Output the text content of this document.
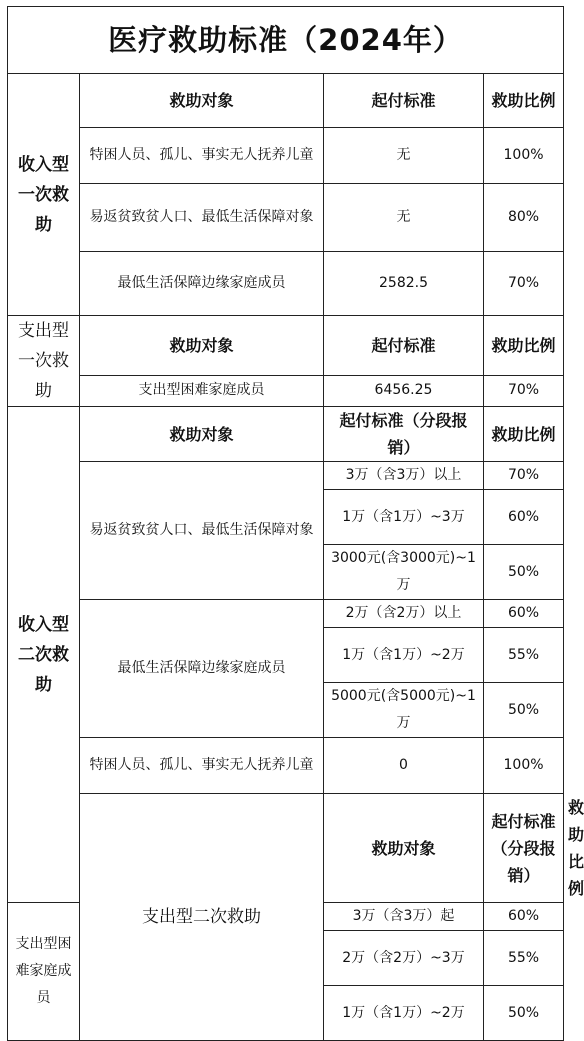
医疗救助标准（2024年）				
收入型一次救助	救助对象	起付标准	救助比例	
	特困人员、孤儿、事实无人抚养儿童	无	100%	
	易返贫致贫人口、最低生活保障对象	无	80%	
	最低生活保障边缘家庭成员	2582.5	70%	
支出型一次救助	救助对象	起付标准	救助比例	
	支出型困难家庭成员	6456.25	70%	
收入型二次救助	救助对象	起付标准（分段报销）	救助比例	
	易返贫致贫人口、最低生活保障对象	3万（含3万）以上	70%	
		1万（含1万）~3万	60%	
		3000元(含3000元)~1万	50%	
	最低生活保障边缘家庭成员	2万（含2万）以上	60%	
		1万（含1万）~2万	55%	
		5000元(含5000元)~1万	50%	
	特困人员、孤儿、事实无人抚养儿童	0	100%	
	支出型二次救助	救助对象	起付标准（分段报销）	救助比例
支出型困难家庭成员		3万（含3万）起	60%	
		2万（含2万）~3万	55%	
		1万（含1万）~2万	50%	
